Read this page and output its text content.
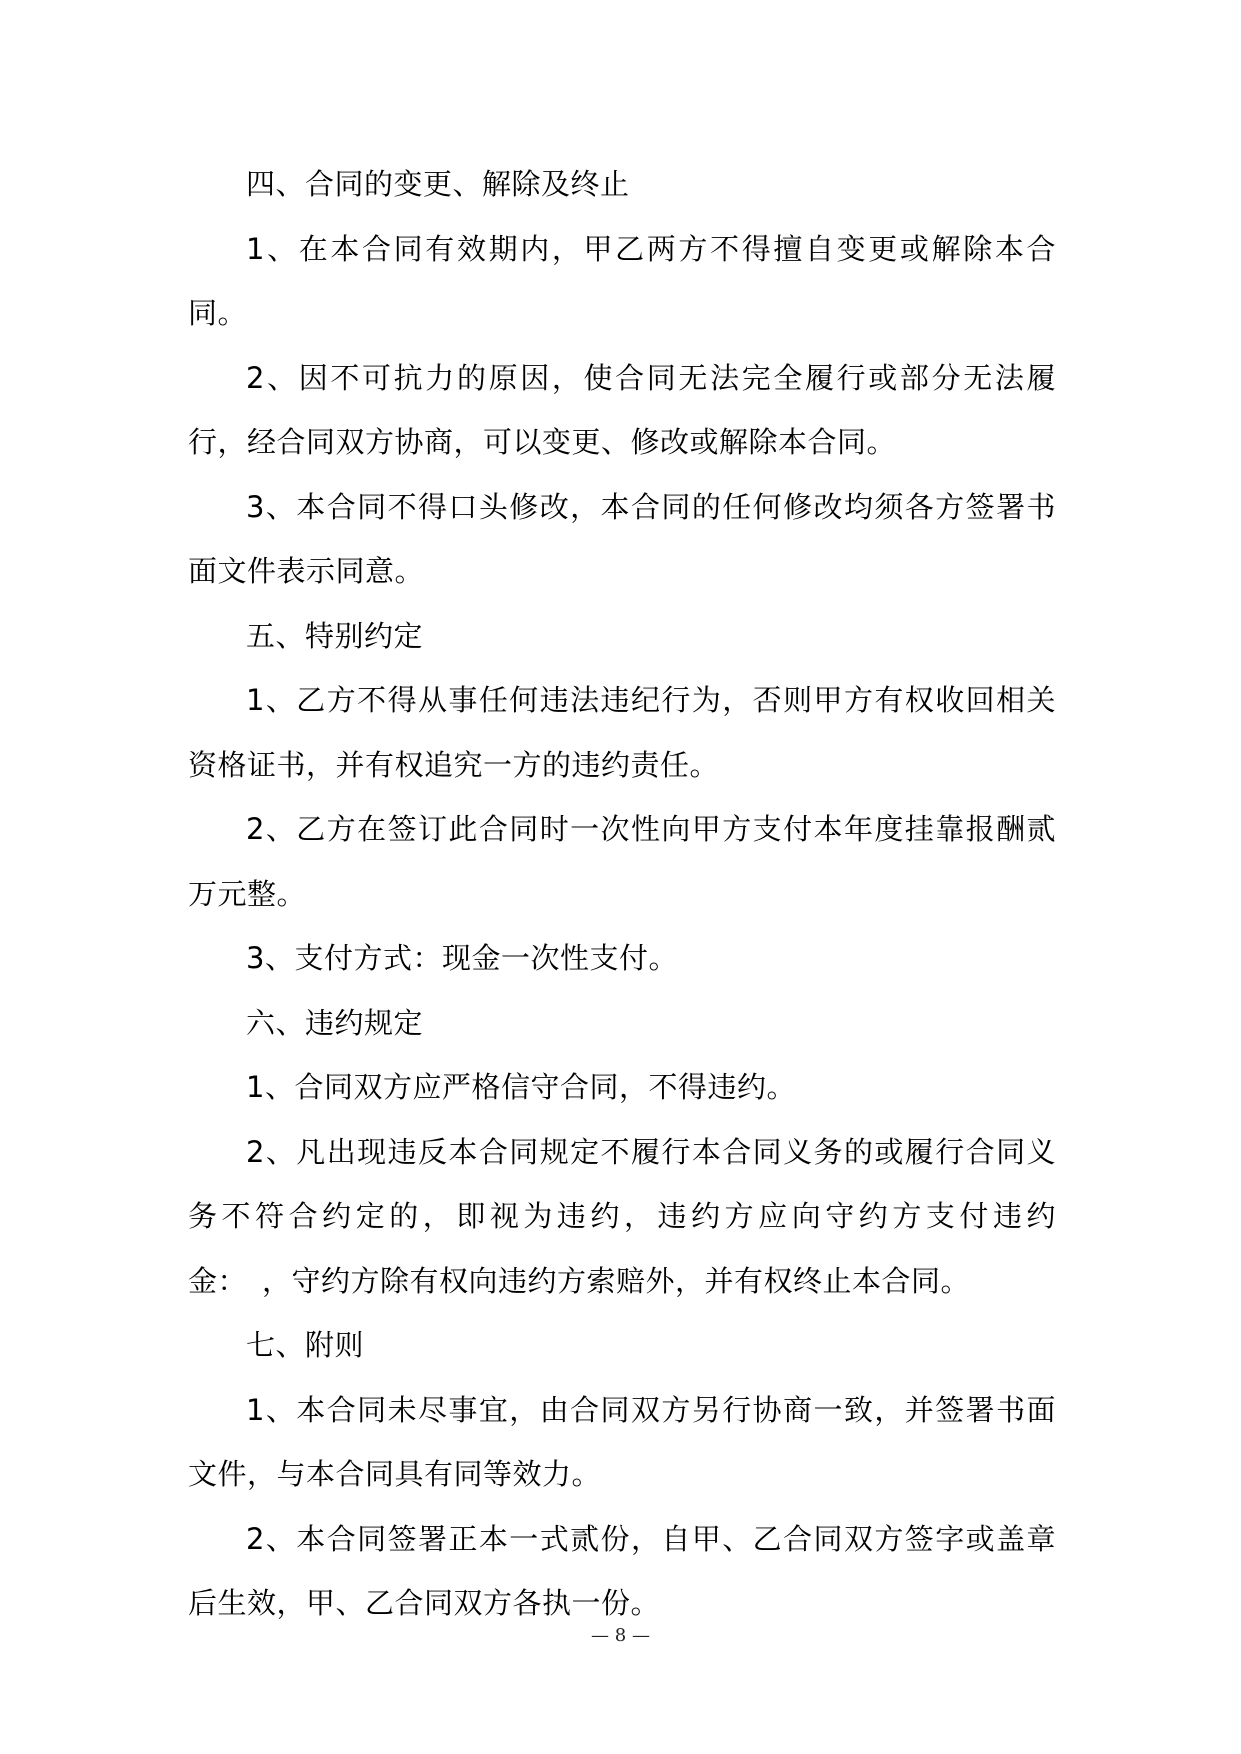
四、合同的变更、解除及终止

1、在本合同有效期内，甲乙两方不得擅自变更或解除本合同。

2、因不可抗力的原因，使合同无法完全履行或部分无法履行，经合同双方协商，可以变更、修改或解除本合同。

3、本合同不得口头修改，本合同的任何修改均须各方签署书面文件表示同意。

五、特别约定

1、乙方不得从事任何违法违纪行为，否则甲方有权收回相关资格证书，并有权追究一方的违约责任。

2、乙方在签订此合同时一次性向甲方支付本年度挂靠报酬贰万元整。

3、支付方式：现金一次性支付。

六、违约规定

1、合同双方应严格信守合同，不得违约。

2、凡出现违反本合同规定不履行本合同义务的或履行合同义务不符合约定的，即视为违约，违约方应向守约方支付违约金：　，守约方除有权向违约方索赔外，并有权终止本合同。

七、附则

1、本合同未尽事宜，由合同双方另行协商一致，并签署书面文件，与本合同具有同等效力。

2、本合同签署正本一式贰份，自甲、乙合同双方签字或盖章后生效，甲、乙合同双方各执一份。

— 8 —
